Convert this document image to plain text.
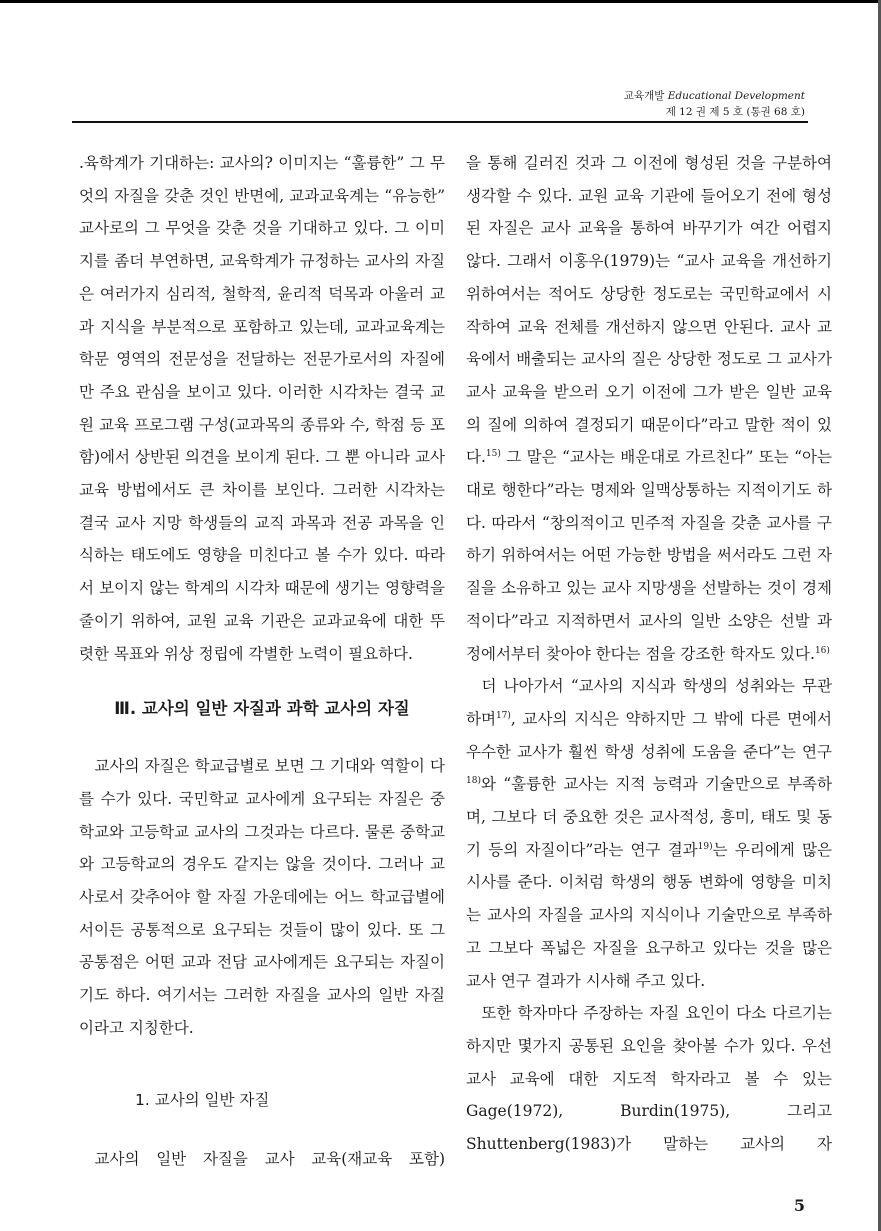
교육개발 Educational Development
제 12 권 제 5 호 (통권 68 호)

.육학계가 기대하는: 교사의? 이미지는 “훌륭한” 그 무엇의 자질을 갖춘 것인 반면에, 교과교육계는 “유능한” 교사로의 그 무엇을 갖춘 것을 기대하고 있다. 그 이미지를 좀더 부연하면, 교육학계가 규정하는 교사의 자질은 여러가지 심리적, 철학적, 윤리적 덕목과 아울러 교과 지식을 부분적으로 포함하고 있는데, 교과교육계는 학문 영역의 전문성을 전달하는 전문가로서의 자질에만 주요 관심을 보이고 있다. 이러한 시각차는 결국 교원 교육 프로그램 구성(교과목의 종류와 수, 학점 등 포함)에서 상반된 의견을 보이게 된다. 그 뿐 아니라 교사 교육 방법에서도 큰 차이를 보인다. 그러한 시각차는 결국 교사 지망 학생들의 교직 과목과 전공 과목을 인식하는 태도에도 영향을 미친다고 볼 수가 있다. 따라서 보이지 않는 학계의 시각차 때문에 생기는 영향력을 줄이기 위하여, 교원 교육 기관은 교과교육에 대한 뚜렷한 목표와 위상 정립에 각별한 노력이 필요하다.

Ⅲ. 교사의 일반 자질과 과학 교사의 자질

교사의 자질은 학교급별로 보면 그 기대와 역할이 다를 수가 있다. 국민학교 교사에게 요구되는 자질은 중학교와 고등학교 교사의 그것과는 다르다. 물론 중학교와 고등학교의 경우도 같지는 않을 것이다. 그러나 교사로서 갖추어야 할 자질 가운데에는 어느 학교급별에서이든 공통적으로 요구되는 것들이 많이 있다. 또 그 공통점은 어떤 교과 전담 교사에게든 요구되는 자질이기도 하다. 여기서는 그러한 자질을 교사의 일반 자질이라고 지칭한다.

1. 교사의 일반 자질

교사의 일반 자질을 교사 교육(재교육 포함)

을 통해 길러진 것과 그 이전에 형성된 것을 구분하여 생각할 수 있다. 교원 교육 기관에 들어오기 전에 형성된 자질은 교사 교육을 통하여 바꾸기가 여간 어렵지 않다. 그래서 이홍우(1979)는 “교사 교육을 개선하기 위하여서는 적어도 상당한 정도로는 국민학교에서 시작하여 교육 전체를 개선하지 않으면 안된다. 교사 교육에서 배출되는 교사의 질은 상당한 정도로 그 교사가 교사 교육을 받으러 오기 이전에 그가 받은 일반 교육의 질에 의하여 결정되기 때문이다”라고 말한 적이 있다.$^{15)}$ 그 말은 “교사는 배운대로 가르친다” 또는 “아는대로 행한다”라는 명제와 일맥상통하는 지적이기도 하다. 따라서 “창의적이고 민주적 자질을 갖춘 교사를 구하기 위하여서는 어떤 가능한 방법을 써서라도 그런 자질을 소유하고 있는 교사 지망생을 선발하는 것이 경제적이다”라고 지적하면서 교사의 일반 소양은 선발 과정에서부터 찾아야 한다는 점을 강조한 학자도 있다.$^{16)}$

더 나아가서 “교사의 지식과 학생의 성취와는 무관하며$^{17)}$, 교사의 지식은 약하지만 그 밖에 다른 면에서 우수한 교사가 훨씬 학생 성취에 도움을 준다”는 연구$^{18)}$와 “훌륭한 교사는 지적 능력과 기술만으로 부족하며, 그보다 더 중요한 것은 교사적성, 흥미, 태도 및 동기 등의 자질이다”라는 연구 결과$^{19)}$는 우리에게 많은 시사를 준다. 이처럼 학생의 행동 변화에 영향을 미치는 교사의 자질을 교사의 지식이나 기술만으로 부족하고 그보다 폭넓은 자질을 요구하고 있다는 것을 많은 교사 연구 결과가 시사해 주고 있다.

또한 학자마다 주장하는 자질 요인이 다소 다르기는 하지만 몇가지 공통된 요인을 찾아볼 수가 있다. 우선 교사 교육에 대한 지도적 학자라고 볼 수 있는 Gage(1972), Burdin(1975), 그리고 Shuttenberg(1983)가 말하는 교사의 자

5
